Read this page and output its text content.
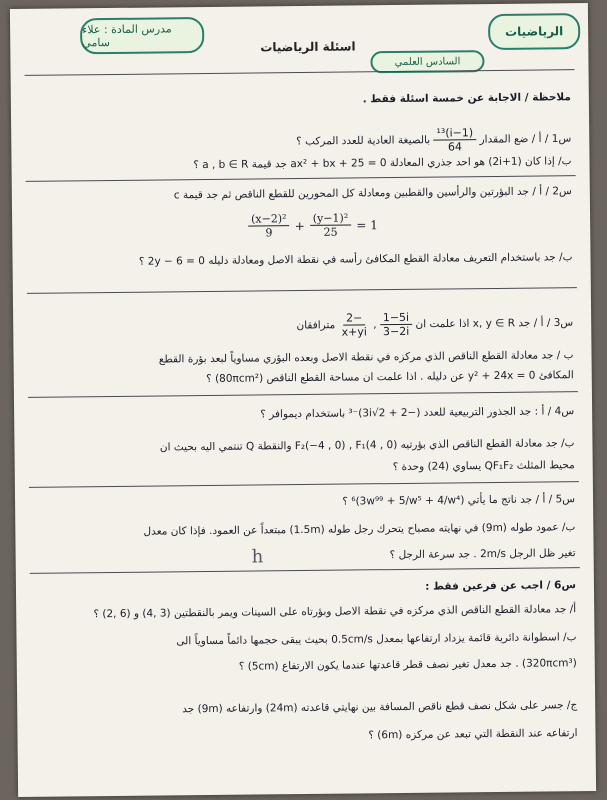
الرياضيات
السادس العلمي
اسئلة الرياضيات
مدرس المادة : علاء سامي
ملاحظة / الاجابة عن خمسة اسئلة فقط .
س1 / أ / ضع المقدار
$\frac{\text{(1−i)¹³}}{64}$
بالصيغة العادية للعدد المركب ؟
ب/ إذا كان (1+2i) هو احد جذري المعادلة ax² + bx + 25 = 0 جد قيمة a , b ∈ R ؟
س2 / أ / جد البؤرتين والرأسين والقطبين ومعادلة كل المحورين للقطع الناقص ثم جد قيمة c
$\frac{\text{(x−2)²}}{9} + \frac{\text{(y−1)²}}{25} = 1$
ب/ جد باستخدام التعريف معادلة القطع المكافئ رأسه في نقطة الاصل ومعادلة دليله 2y − 6 = 0 ؟
س3 / أ / جد x, y ∈ R اذا علمت ان
$\frac{1-5i}{3-2i}$
,
$\frac{-2}{x+yi}$
مترافقان
ب / جد معادلة القطع الناقص الذي مركزه في نقطة الاصل وبعده البؤري مساوياً لبعد بؤرة القطع
المكافئ y² + 24x = 0 عن دليله . اذا علمت ان مساحة القطع الناقص (80πcm²) ؟
س4 / أ : جد الجذور التربيعية للعدد (−2 + 2√3i)⁻³ باستخدام ديموافر ؟
ب/ جد معادلة القطع الناقص الذي بؤرتيه F₂(−4 , 0) , F₁(4 , 0) والنقطة Q تنتمي اليه بحيث ان
محيط المثلث QF₁F₂ يساوي (24) وحدة ؟
س5 / أ / جد ناتج ما يأتي (3w⁹⁹ + 5/w⁵ + 4/w⁴)⁶ ؟
ب/ عمود طوله (9m) في نهايته مصباح يتحرك رجل طوله (1.5m) مبتعداً عن العمود. فإذا كان معدل
تغير ظل الرجل 2m/s . جد سرعة الرجل ؟
h
س6 / اجب عن فرعين فقط :
أ/ جد معادلة القطع الناقص الذي مركزه في نقطة الاصل وبؤرتاه على السينات ويمر بالنقطتين (3 ,4) و (6 ,2) ؟
ب/ اسطوانة دائرية قائمة يزداد ارتفاعها بمعدل 0.5cm/s بحيث يبقى حجمها دائماً مساوياً الى
(320πcm³) . جد معدل تغير نصف قطر قاعدتها عندما يكون الارتفاع (5cm) ؟
ج/ جسر على شكل نصف قطع ناقص المسافة بين نهايتي قاعدته (24m) وارتفاعه (9m) جد
ارتفاعه عند النقطة التي تبعد عن مركزه (6m) ؟
